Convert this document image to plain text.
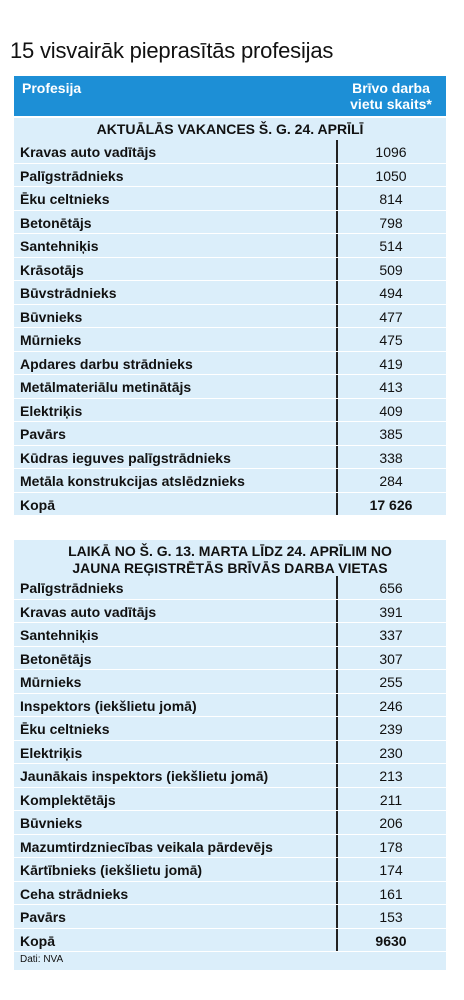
15 visvairāk pieprasītās profesijas
Profesija	Brīvo darba
vietu skaits*
AKTUĀLĀS VAKANCES Š. G. 24. APRĪLĪ
Kravas auto vadītājs	1096
Palīgstrādnieks	1050
Ēku celtnieks	814
Betonētājs	798
Santehniķis	514
Krāsotājs	509
Būvstrādnieks	494
Būvnieks	477
Mūrnieks	475
Apdares darbu strādnieks	419
Metālmateriālu metinātājs	413
Elektriķis	409
Pavārs	385
Kūdras ieguves palīgstrādnieks	338
Metāla konstrukcijas atslēdznieks	284
Kopā	17 626
LAIKĀ NO Š. G. 13. MARTA LĪDZ 24. APRĪLIM NO
JAUNA REĢISTRĒTĀS BRĪVĀS DARBA VIETAS
Palīgstrādnieks	656
Kravas auto vadītājs	391
Santehniķis	337
Betonētājs	307
Mūrnieks	255
Inspektors (iekšlietu jomā)	246
Ēku celtnieks	239
Elektriķis	230
Jaunākais inspektors (iekšlietu jomā)	213
Komplektētājs	211
Būvnieks	206
Mazumtirdzniecības veikala pārdevējs	178
Kārtībnieks (iekšlietu jomā)	174
Ceha strādnieks	161
Pavārs	153
Kopā	9630
Dati: NVA
